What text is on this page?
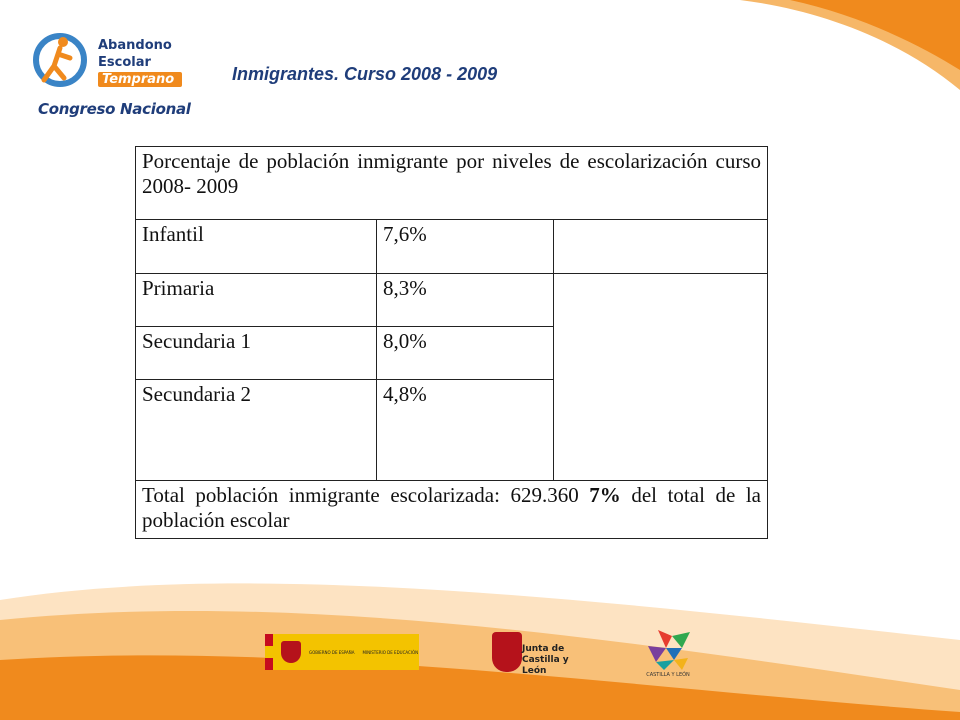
Abandono
Escolar
Temprano
Congreso Nacional
Inmigrantes. Curso 2008 - 2009
Porcentaje de población inmigrante por niveles de escolarización curso 2008- 2009		
Infantil	7,6%	
Primaria	8,3%	
Secundaria 1	8,0%	
Secundaria 2	4,8%	
Total población inmigrante escolarizada: 629.360 7% del total de la población escolar		
GOBIERNO DE ESPAÑA MINISTERIO DE EDUCACIÓN	Junta de
Castilla y León	CASTILLA Y LEÓN
